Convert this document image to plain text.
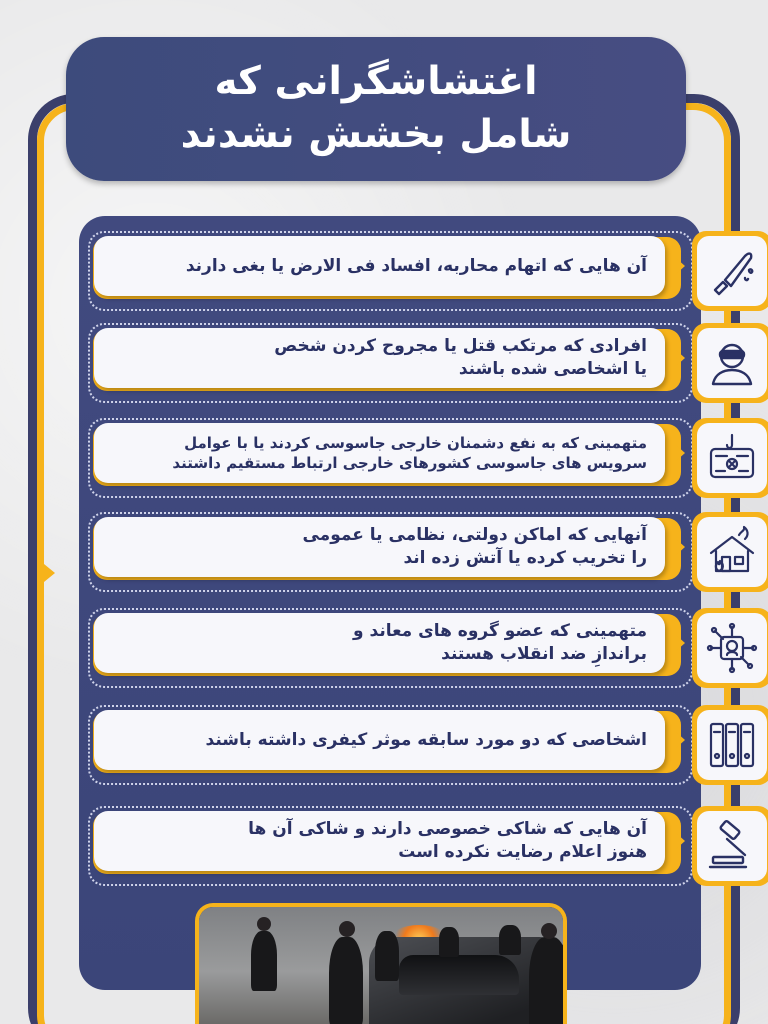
اغتشاشگرانی که
شامل بخشش نشدند
آن هایی که اتهام محاربه، افساد فی الارض یا بغی دارند
افرادی که مرتکب قتل یا مجروح کردن شخص
یا اشخاصی شده باشند
متهمینی که به نفع دشمنان خارجی جاسوسی کردند یا با عوامل
سرویس های جاسوسی کشورهای خارجی ارتباط مستقیم داشتند
آنهایی که اماکن دولتی، نظامی یا عمومی
را تخریب کرده یا آتش زده اند
متهمینی که عضو گروه های معاند و
براندازِ ضد انقلاب هستند
اشخاصی که دو مورد سابقه موثر کیفری داشته باشند
آن هایی که شاکی خصوصی دارند و شاکی آن ها
هنوز اعلام رضایت نکرده است
